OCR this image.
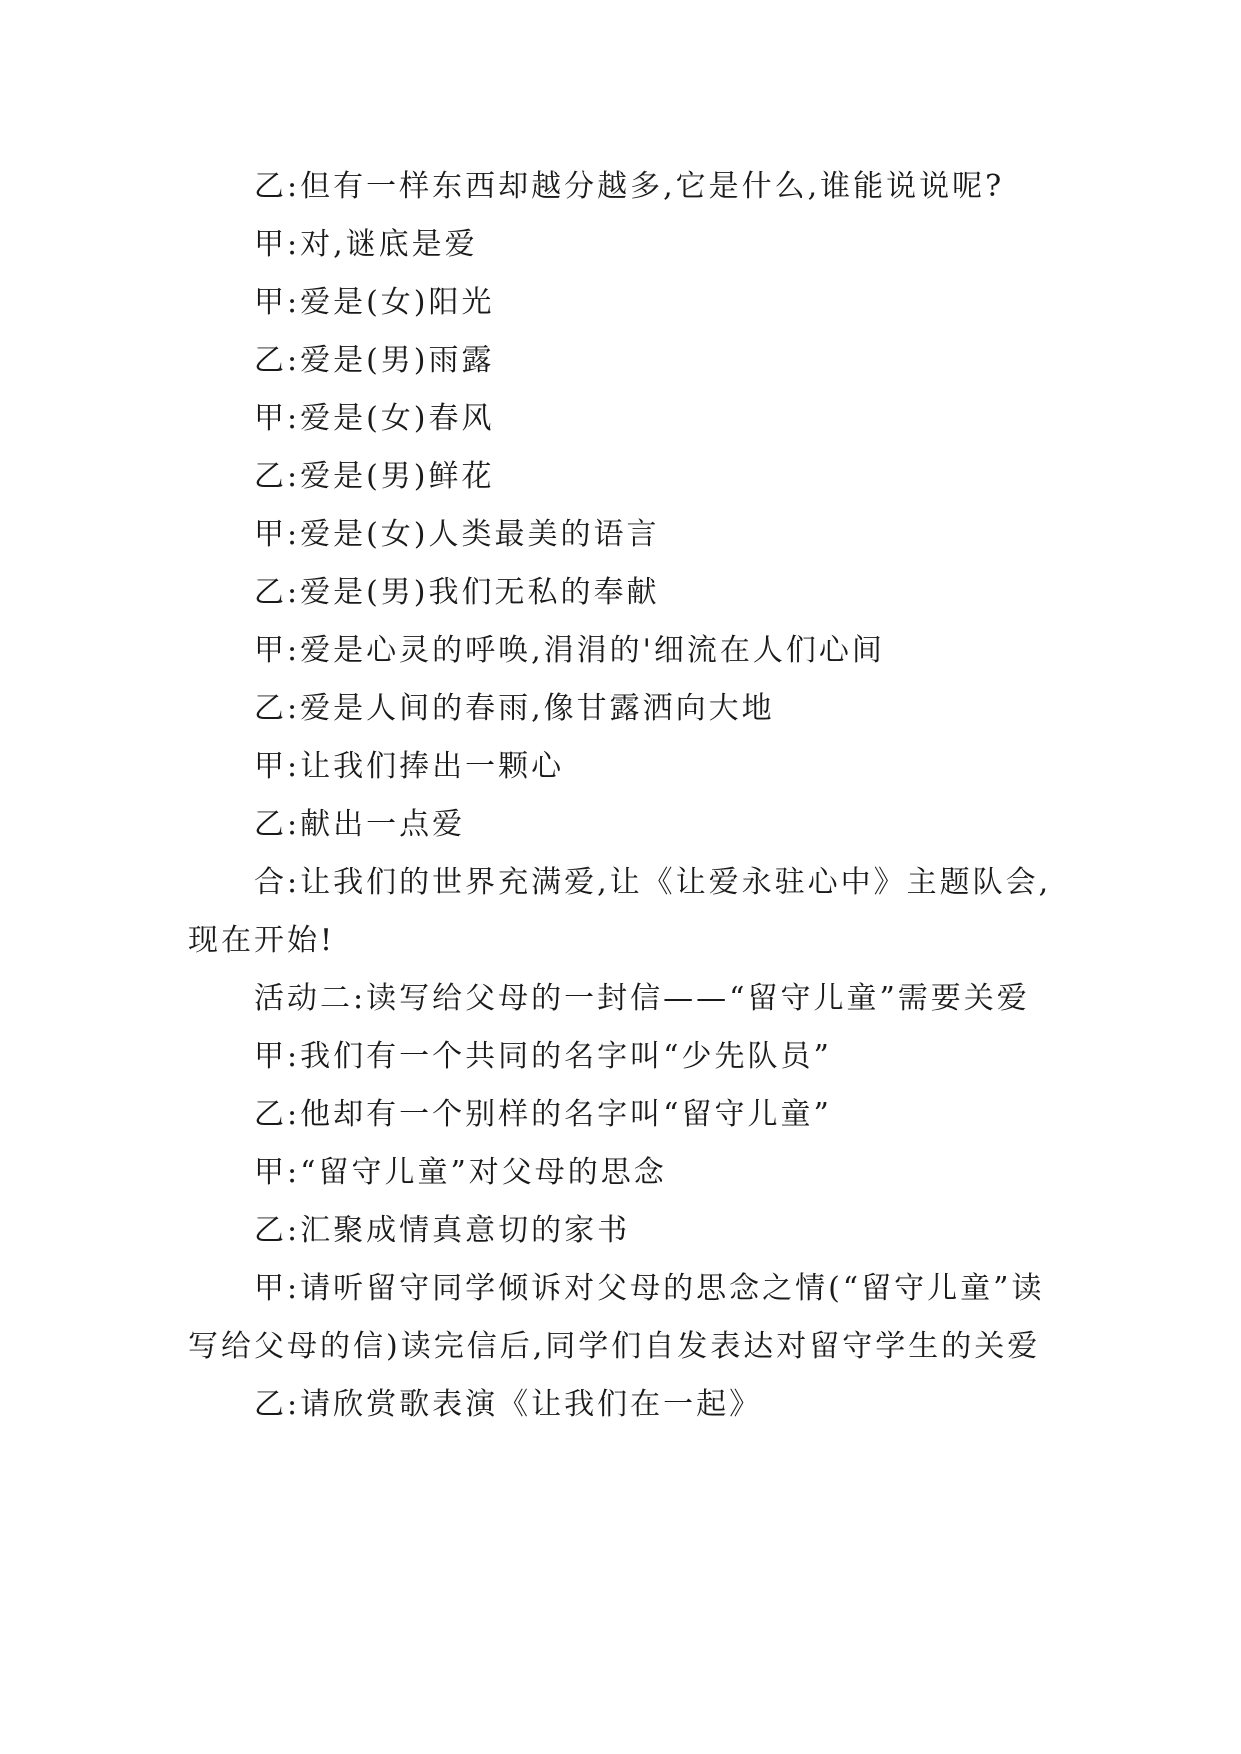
乙:但有一样东西却越分越多,它是什么,谁能说说呢?

甲:对,谜底是爱

甲:爱是(女)阳光

乙:爱是(男)雨露

甲:爱是(女)春风

乙:爱是(男)鲜花

甲:爱是(女)人类最美的语言

乙:爱是(男)我们无私的奉献

甲:爱是心灵的呼唤,涓涓的'细流在人们心间

乙:爱是人间的春雨,像甘露洒向大地

甲:让我们捧出一颗心

乙:献出一点爱

合:让我们的世界充满爱,让《让爱永驻心中》主题队会,现在开始!

活动二:读写给父母的一封信——“留守儿童”需要关爱

甲:我们有一个共同的名字叫“少先队员”

乙:他却有一个别样的名字叫“留守儿童”

甲:“留守儿童”对父母的思念

乙:汇聚成情真意切的家书

甲:请听留守同学倾诉对父母的思念之情(“留守儿童”读写给父母的信)读完信后,同学们自发表达对留守学生的关爱

乙:请欣赏歌表演《让我们在一起》
